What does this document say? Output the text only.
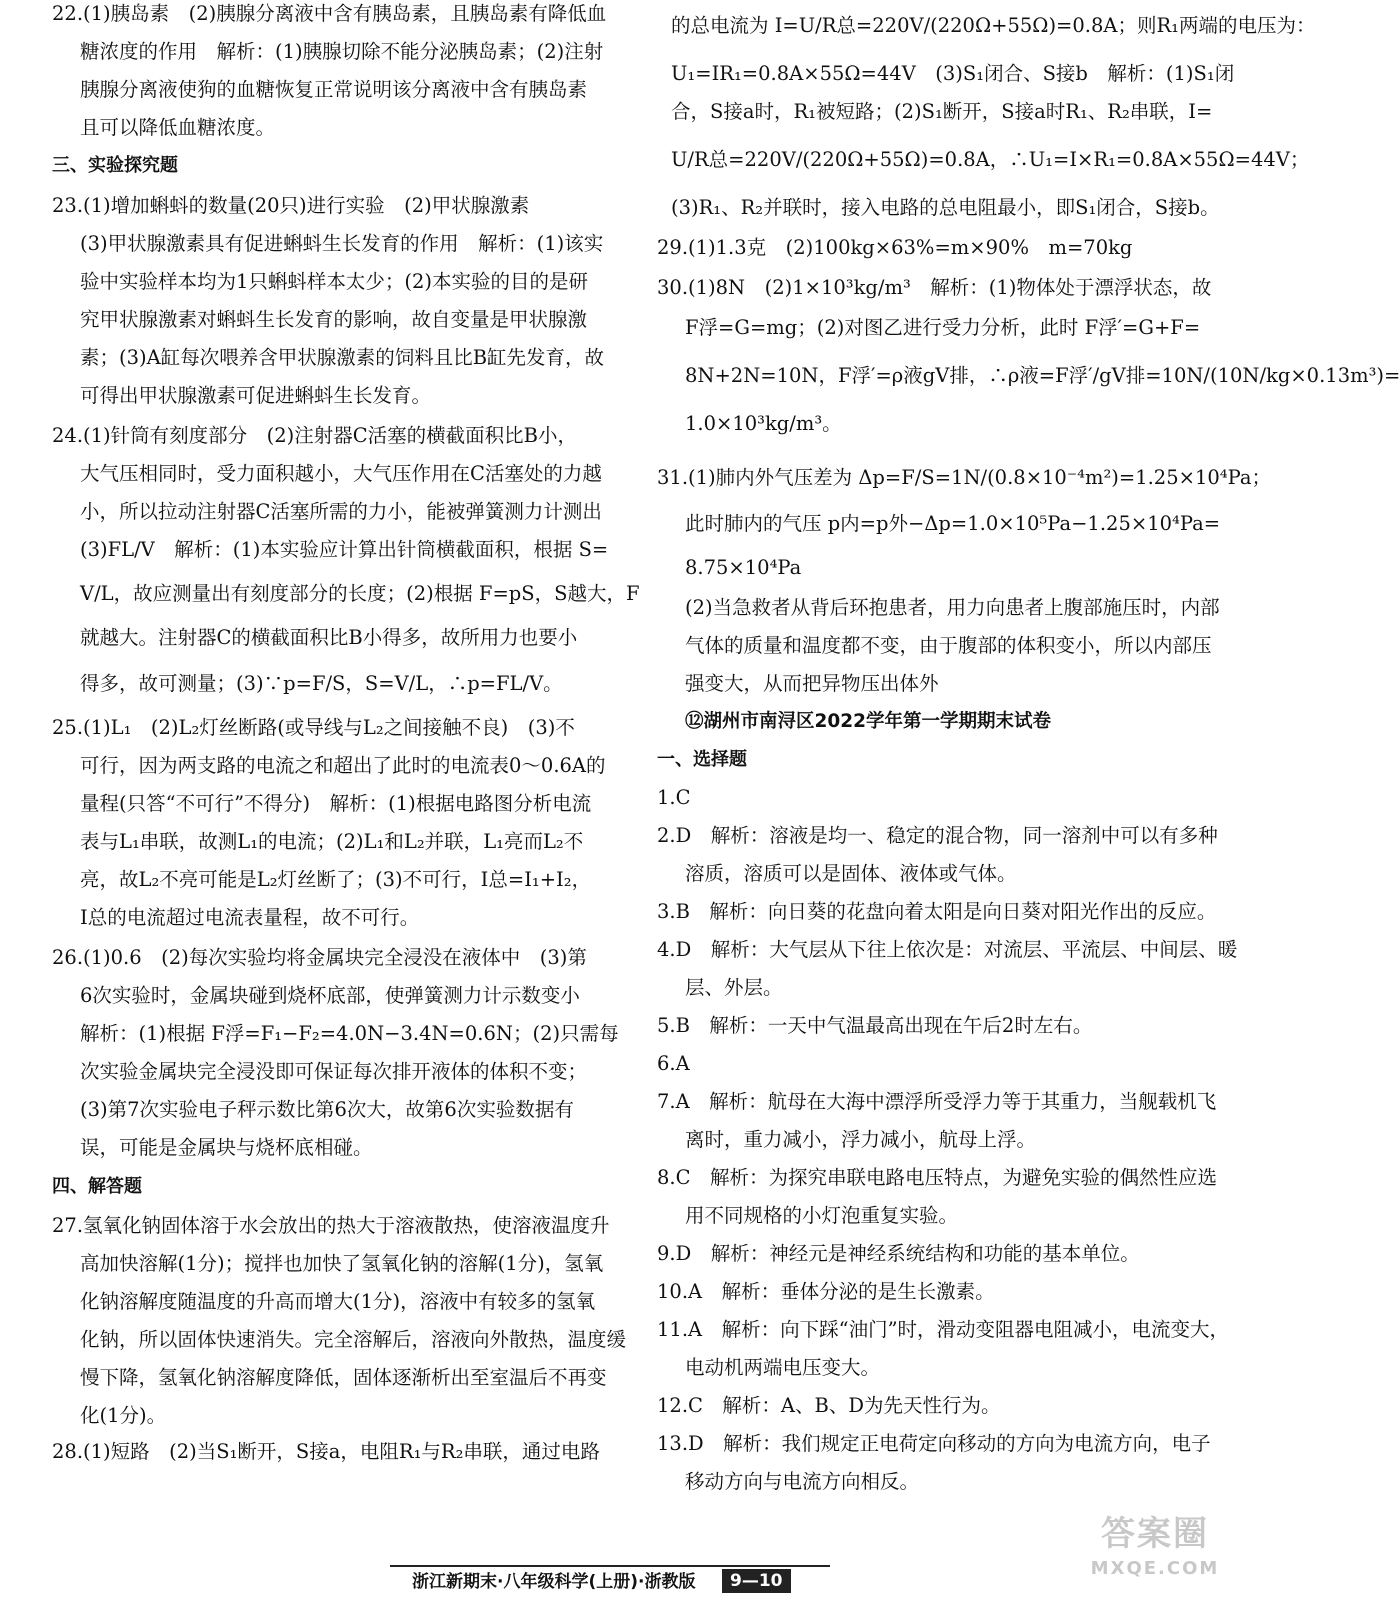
22.(1)胰岛素　(2)胰腺分离液中含有胰岛素，且胰岛素有降低血
糖浓度的作用　解析：(1)胰腺切除不能分泌胰岛素；(2)注射
胰腺分离液使狗的血糖恢复正常说明该分离液中含有胰岛素
且可以降低血糖浓度。
三、实验探究题
23.(1)增加蝌蚪的数量(20只)进行实验　(2)甲状腺激素
(3)甲状腺激素具有促进蝌蚪生长发育的作用　解析：(1)该实
验中实验样本均为1只蝌蚪样本太少；(2)本实验的目的是研
究甲状腺激素对蝌蚪生长发育的影响，故自变量是甲状腺激
素；(3)A缸每次喂养含甲状腺激素的饲料且比B缸先发育，故
可得出甲状腺激素可促进蝌蚪生长发育。
24.(1)针筒有刻度部分　(2)注射器C活塞的横截面积比B小，
大气压相同时，受力面积越小，大气压作用在C活塞处的力越
小，所以拉动注射器C活塞所需的力小，能被弹簧测力计测出
(3)FL/V　解析：(1)本实验应计算出针筒横截面积，根据 S=
V/L，故应测量出有刻度部分的长度；(2)根据 F=pS，S越大，F
就越大。注射器C的横截面积比B小得多，故所用力也要小
得多，故可测量；(3)∵p=F/S，S=V/L，∴p=FL/V。
25.(1)L₁　(2)L₂灯丝断路(或导线与L₂之间接触不良)　(3)不
可行，因为两支路的电流之和超出了此时的电流表0～0.6A的
量程(只答“不可行”不得分)　解析：(1)根据电路图分析电流
表与L₁串联，故测L₁的电流；(2)L₁和L₂并联，L₁亮而L₂不
亮，故L₂不亮可能是L₂灯丝断了；(3)不可行，I总=I₁+I₂，
I总的电流超过电流表量程，故不可行。
26.(1)0.6　(2)每次实验均将金属块完全浸没在液体中　(3)第
6次实验时，金属块碰到烧杯底部，使弹簧测力计示数变小
解析：(1)根据 F浮=F₁−F₂=4.0N−3.4N=0.6N；(2)只需每
次实验金属块完全浸没即可保证每次排开液体的体积不变；
(3)第7次实验电子秤示数比第6次大，故第6次实验数据有
误，可能是金属块与烧杯底相碰。
四、解答题
27.氢氧化钠固体溶于水会放出的热大于溶液散热，使溶液温度升
高加快溶解(1分)；搅拌也加快了氢氧化钠的溶解(1分)，氢氧
化钠溶解度随温度的升高而增大(1分)，溶液中有较多的氢氧
化钠，所以固体快速消失。完全溶解后，溶液向外散热，温度缓
慢下降，氢氧化钠溶解度降低，固体逐渐析出至室温后不再变
化(1分)。
28.(1)短路　(2)当S₁断开，S接a，电阻R₁与R₂串联，通过电路
的总电流为 I=U/R总=220V/(220Ω+55Ω)=0.8A；则R₁两端的电压为：
U₁=IR₁=0.8A×55Ω=44V　(3)S₁闭合、S接b　解析：(1)S₁闭
合，S接a时，R₁被短路；(2)S₁断开，S接a时R₁、R₂串联，I=
U/R总=220V/(220Ω+55Ω)=0.8A，∴U₁=I×R₁=0.8A×55Ω=44V；
(3)R₁、R₂并联时，接入电路的总电阻最小，即S₁闭合，S接b。
29.(1)1.3克　(2)100kg×63%=m×90%　m=70kg
30.(1)8N　(2)1×10³kg/m³　解析：(1)物体处于漂浮状态，故
F浮=G=mg；(2)对图乙进行受力分析，此时 F浮′=G+F=
8N+2N=10N，F浮′=ρ液gV排，∴ρ液=F浮′/gV排=10N/(10N/kg×0.13m³)=
1.0×10³kg/m³。
31.(1)肺内外气压差为 Δp=F/S=1N/(0.8×10⁻⁴m²)=1.25×10⁴Pa；
此时肺内的气压 p内=p外−Δp=1.0×10⁵Pa−1.25×10⁴Pa=
8.75×10⁴Pa
(2)当急救者从背后环抱患者，用力向患者上腹部施压时，内部
气体的质量和温度都不变，由于腹部的体积变小，所以内部压
强变大，从而把异物压出体外
⑫湖州市南浔区2022学年第一学期期末试卷
一、选择题
1.C
2.D　解析：溶液是均一、稳定的混合物，同一溶剂中可以有多种
溶质，溶质可以是固体、液体或气体。
3.B　解析：向日葵的花盘向着太阳是向日葵对阳光作出的反应。
4.D　解析：大气层从下往上依次是：对流层、平流层、中间层、暖
层、外层。
5.B　解析：一天中气温最高出现在午后2时左右。
6.A
7.A　解析：航母在大海中漂浮所受浮力等于其重力，当舰载机飞
离时，重力减小，浮力减小，航母上浮。
8.C　解析：为探究串联电路电压特点，为避免实验的偶然性应选
用不同规格的小灯泡重复实验。
9.D　解析：神经元是神经系统结构和功能的基本单位。
10.A　解析：垂体分泌的是生长激素。
11.A　解析：向下踩“油门”时，滑动变阻器电阻减小，电流变大，
电动机两端电压变大。
12.C　解析：A、B、D为先天性行为。
13.D　解析：我们规定正电荷定向移动的方向为电流方向，电子
移动方向与电流方向相反。
浙江新期末·八年级科学(上册)·浙教版	9—10
答案圈
MXQE.COM
